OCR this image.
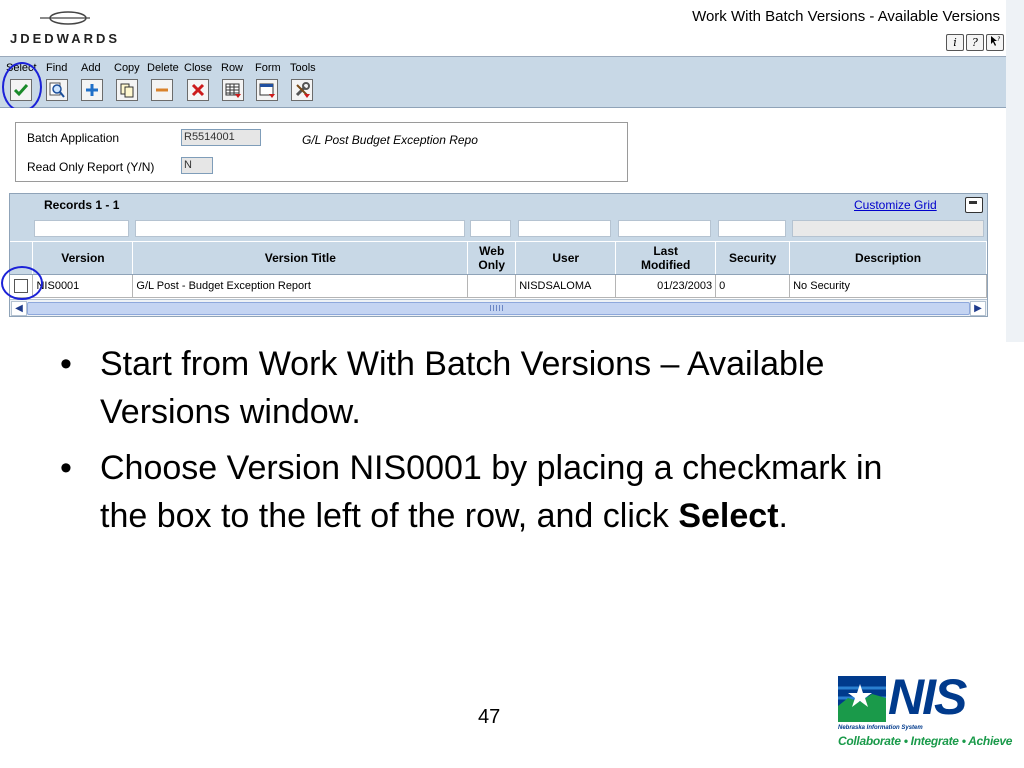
JDEDWARDS
Work With Batch Versions - Available Versions
i	?	?
Select Find Add Copy Delete Close Row Form Tools
Batch Application	R5514001	G/L Post Budget Exception Repo
Read Only Report (Y/N)	N
Records 1 - 1	Customize Grid
	Version	Version Title	Web Only	User	Last Modified	Security	Description

	NIS0001	G/L Post - Budget Exception Report		NISDSALOMA	01/23/2003	0	No Security
◀	▶
• Start from Work With Batch Versions – Available Versions window.
• Choose Version NIS0001 by placing a checkmark in the box to the left of the row, and click Select.
47	NIS
Nebraska Information System
Collaborate • Integrate • Achieve
